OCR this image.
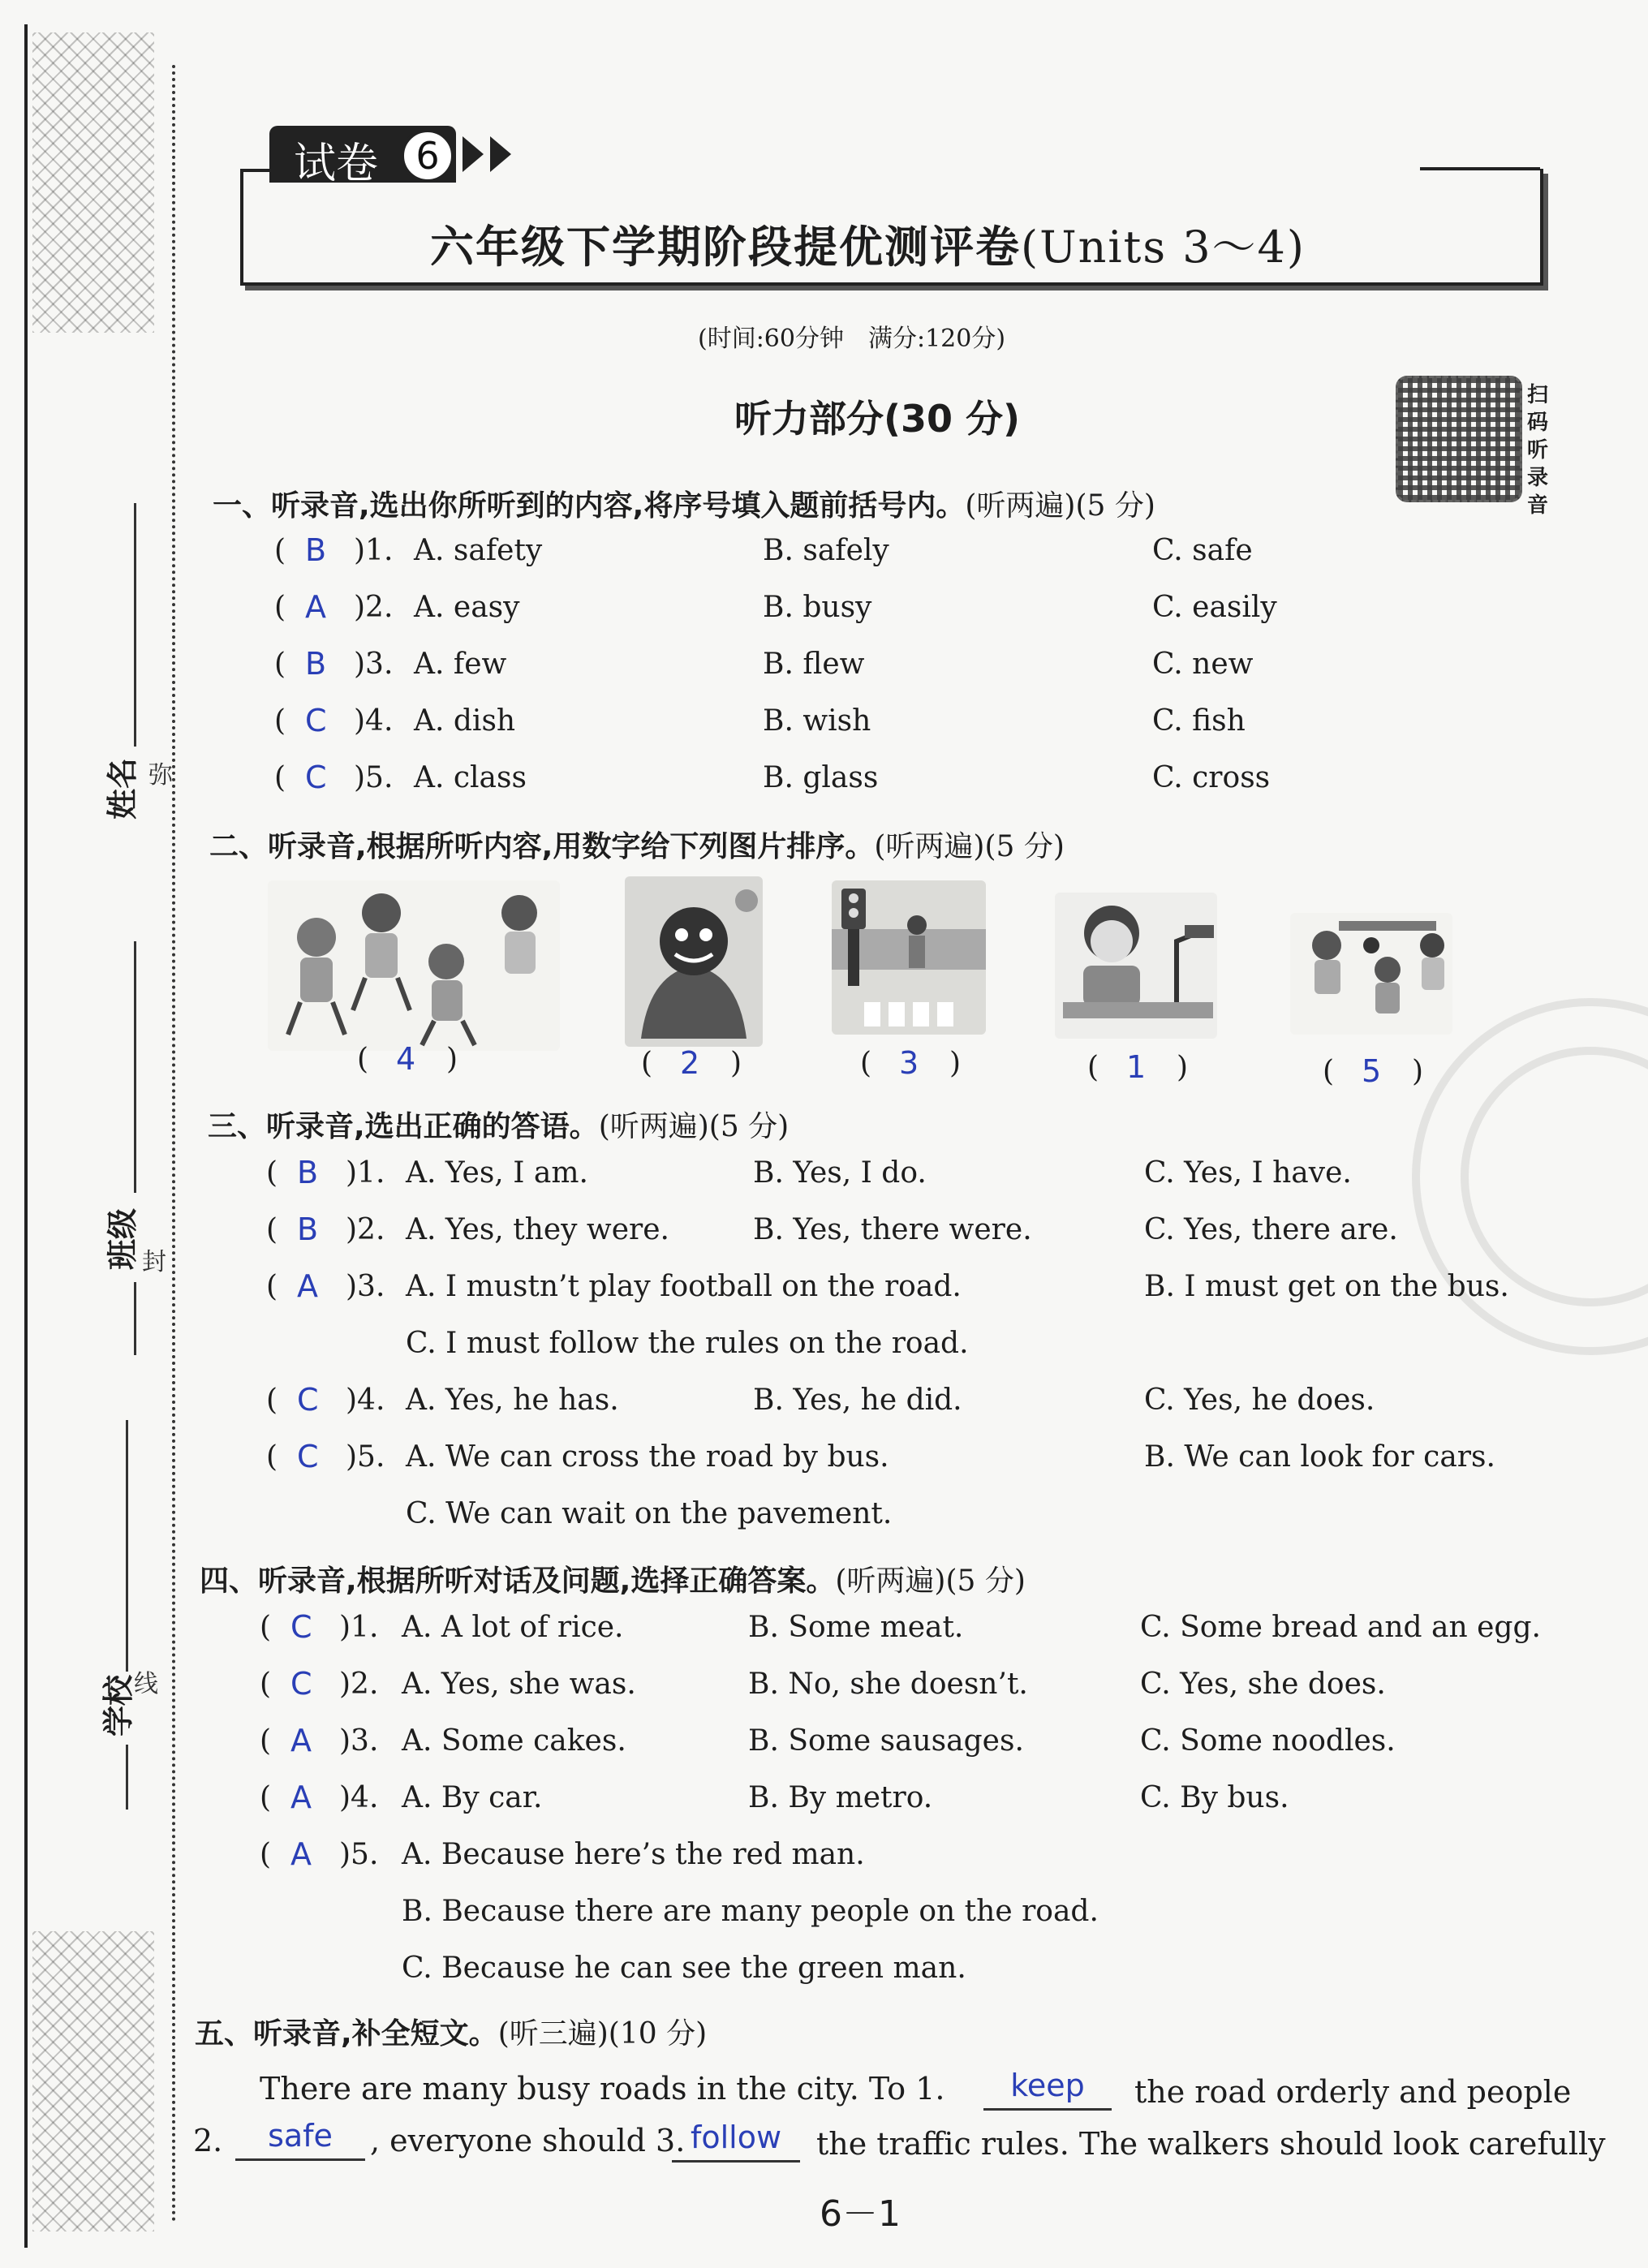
弥
封
线
姓名
班级
学校
试卷	6
六年级下学期阶段提优测评卷(Units 3～4)
(时间:60分钟　满分:120分)
听力部分(30 分)
扫
码
听
录
音
一、听录音,选出你所听到的内容,将序号填入题前括号内。(听两遍)(5 分)
( B )1. A. safety	B. safely	C. safe
( A )2. A. easy	B. busy	C. easily
( B )3. A. few	B. flew	C. new
( C )4. A. dish	B. wish	C. fish
( C )5. A. class	B. glass	C. cross
二、听录音,根据所听内容,用数字给下列图片排序。(听两遍)(5 分)
( 4 )	( 2 )	( 3 )	( 1 )	( 5 )
三、听录音,选出正确的答语。(听两遍)(5 分)
( B )1. A. Yes, I am.	B. Yes, I do.	C. Yes, I have.
( B )2. A. Yes, they were.	B. Yes, there were.	C. Yes, there are.
( A )3. A. I mustn’t play football on the road.	B. I must get on the bus.
C. I must follow the rules on the road.
( C )4. A. Yes, he has.	B. Yes, he did.	C. Yes, he does.
( C )5. A. We can cross the road by bus.	B. We can look for cars.
C. We can wait on the pavement.
四、听录音,根据所听对话及问题,选择正确答案。(听两遍)(5 分)
( C )1. A. A lot of rice.	B. Some meat.	C. Some bread and an egg.
( C )2. A. Yes, she was.	B. No, she doesn’t.	C. Yes, she does.
( A )3. A. Some cakes.	B. Some sausages.	C. Some noodles.
( A )4. A. By car.	B. By metro.	C. By bus.
( A )5. A. Because here’s the red man.
B. Because there are many people on the road.
C. Because he can see the green man.
五、听录音,补全短文。(听三遍)(10 分)
There are many busy roads in the city. To 1.	keep	the road orderly and people
2.	safe	, everyone should 3. follow	the traffic rules. The walkers should look carefully
6－1
